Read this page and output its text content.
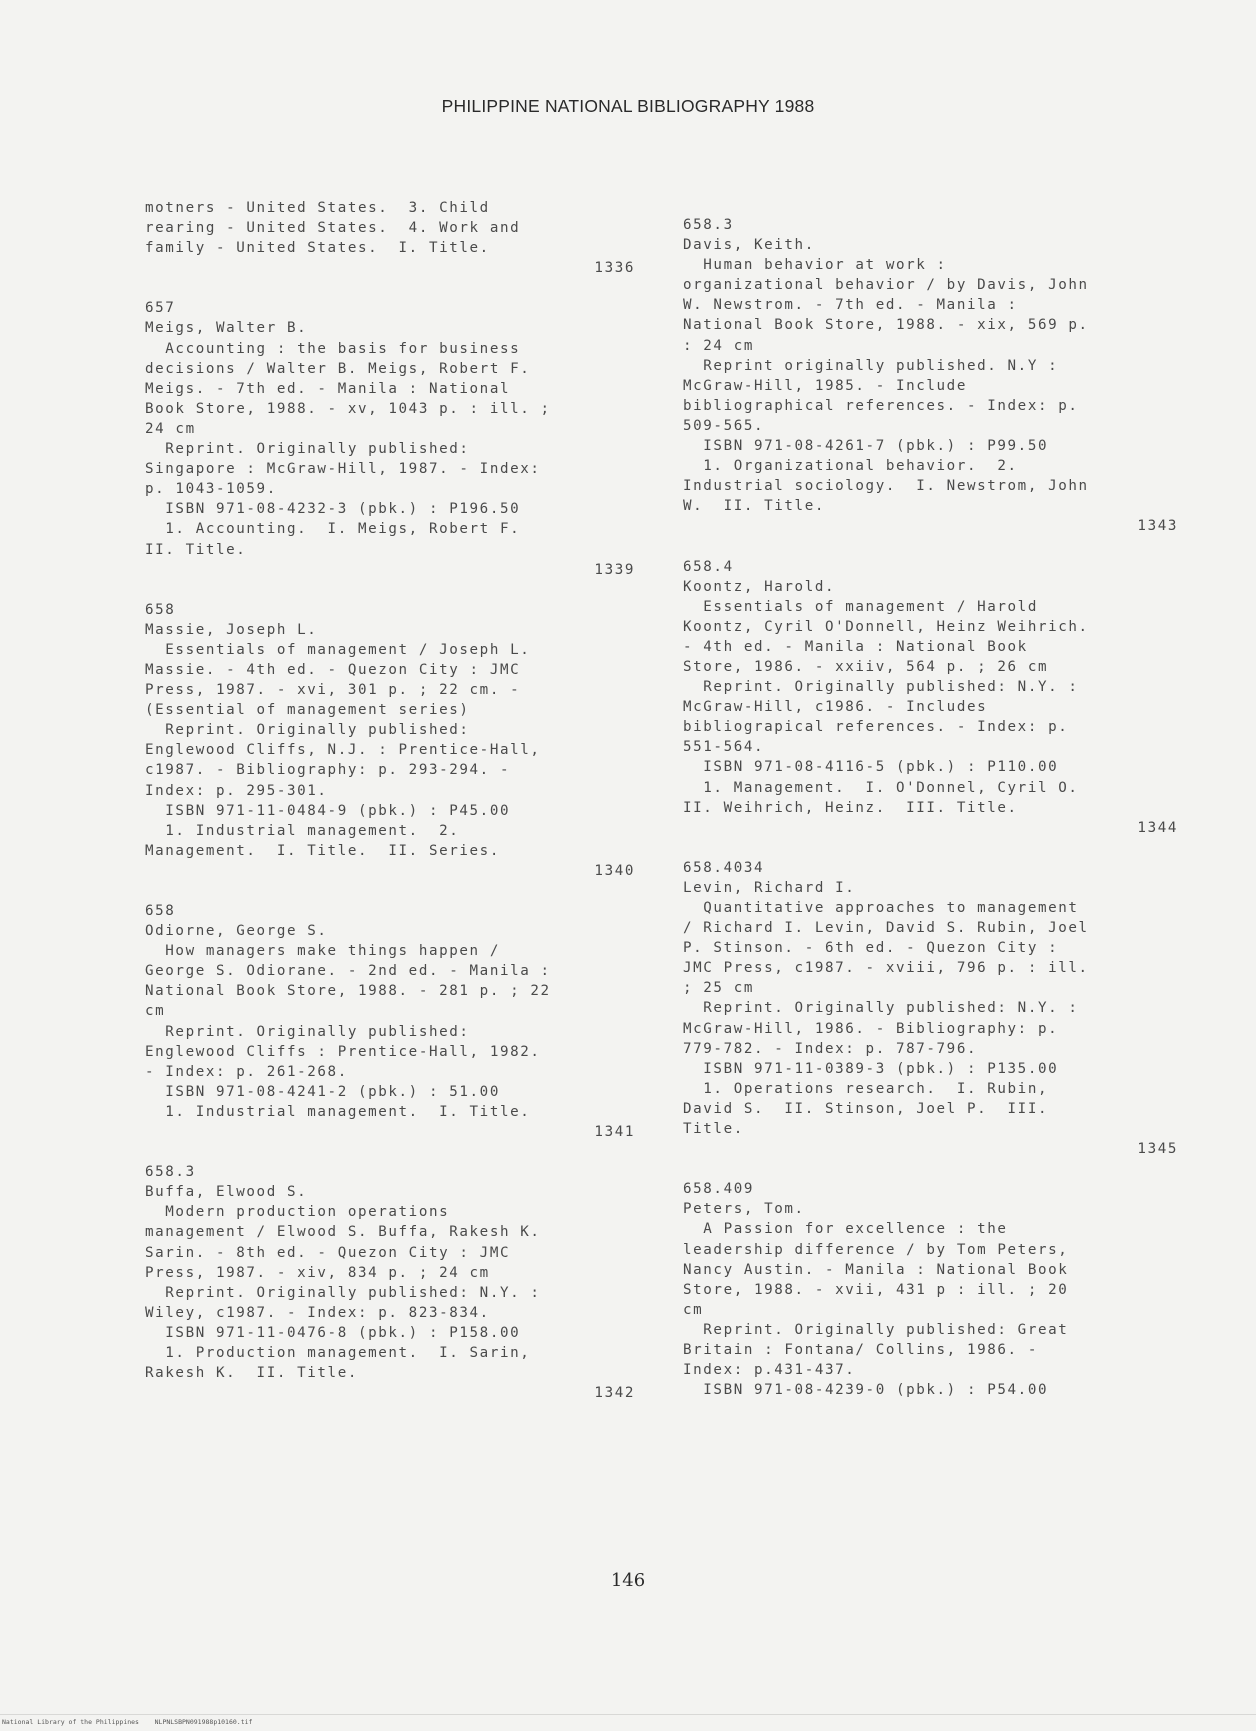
PHILIPPINE NATIONAL BIBLIOGRAPHY 1988
motners - United States.  3. Child
rearing - United States.  4. Work and
family - United States.  I. Title.
1336
657
Meigs, Walter B.
Accounting : the basis for business
decisions / Walter B. Meigs, Robert F.
Meigs. - 7th ed. - Manila : National
Book Store, 1988. - xv, 1043 p. : ill. ;
24 cm
Reprint. Originally published:
Singapore : McGraw-Hill, 1987. - Index:
p. 1043-1059.
ISBN 971-08-4232-3 (pbk.) : P196.50
1. Accounting.  I. Meigs, Robert F.
II. Title.
1339
658
Massie, Joseph L.
Essentials of management / Joseph L.
Massie. - 4th ed. - Quezon City : JMC
Press, 1987. - xvi, 301 p. ; 22 cm. -
(Essential of management series)
Reprint. Originally published:
Englewood Cliffs, N.J. : Prentice-Hall,
c1987. - Bibliography: p. 293-294. -
Index: p. 295-301.
ISBN 971-11-0484-9 (pbk.) : P45.00
1. Industrial management.  2.
Management.  I. Title.  II. Series.
1340
658
Odiorne, George S.
How managers make things happen /
George S. Odiorane. - 2nd ed. - Manila :
National Book Store, 1988. - 281 p. ; 22
cm
Reprint. Originally published:
Englewood Cliffs : Prentice-Hall, 1982.
- Index: p. 261-268.
ISBN 971-08-4241-2 (pbk.) : 51.00
1. Industrial management.  I. Title.
1341
658.3
Buffa, Elwood S.
Modern production operations
management / Elwood S. Buffa, Rakesh K.
Sarin. - 8th ed. - Quezon City : JMC
Press, 1987. - xiv, 834 p. ; 24 cm
Reprint. Originally published: N.Y. :
Wiley, c1987. - Index: p. 823-834.
ISBN 971-11-0476-8 (pbk.) : P158.00
1. Production management.  I. Sarin,
Rakesh K.  II. Title.
1342
658.3
Davis, Keith.
Human behavior at work :
organizational behavior / by Davis, John
W. Newstrom. - 7th ed. - Manila :
National Book Store, 1988. - xix, 569 p.
: 24 cm
Reprint originally published. N.Y :
McGraw-Hill, 1985. - Include
bibliographical references. - Index: p.
509-565.
ISBN 971-08-4261-7 (pbk.) : P99.50
1. Organizational behavior.  2.
Industrial sociology.  I. Newstrom, John
W.  II. Title.
1343
658.4
Koontz, Harold.
Essentials of management / Harold
Koontz, Cyril O'Donnell, Heinz Weihrich.
- 4th ed. - Manila : National Book
Store, 1986. - xxiiv, 564 p. ; 26 cm
Reprint. Originally published: N.Y. :
McGraw-Hill, c1986. - Includes
bibliograpical references. - Index: p.
551-564.
ISBN 971-08-4116-5 (pbk.) : P110.00
1. Management.  I. O'Donnel, Cyril O.
II. Weihrich, Heinz.  III. Title.
1344
658.4034
Levin, Richard I.
Quantitative approaches to management
/ Richard I. Levin, David S. Rubin, Joel
P. Stinson. - 6th ed. - Quezon City :
JMC Press, c1987. - xviii, 796 p. : ill.
; 25 cm
Reprint. Originally published: N.Y. :
McGraw-Hill, 1986. - Bibliography: p.
779-782. - Index: p. 787-796.
ISBN 971-11-0389-3 (pbk.) : P135.00
1. Operations research.  I. Rubin,
David S.  II. Stinson, Joel P.  III.
Title.
1345
658.409
Peters, Tom.
A Passion for excellence : the
leadership difference / by Tom Peters,
Nancy Austin. - Manila : National Book
Store, 1988. - xvii, 431 p : ill. ; 20
cm
Reprint. Originally published: Great
Britain : Fontana/ Collins, 1986. -
Index: p.431-437.
ISBN 971-08-4239-0 (pbk.) : P54.00
146
National Library of the Philippines    NLPNLSBPN091988p10160.tif
